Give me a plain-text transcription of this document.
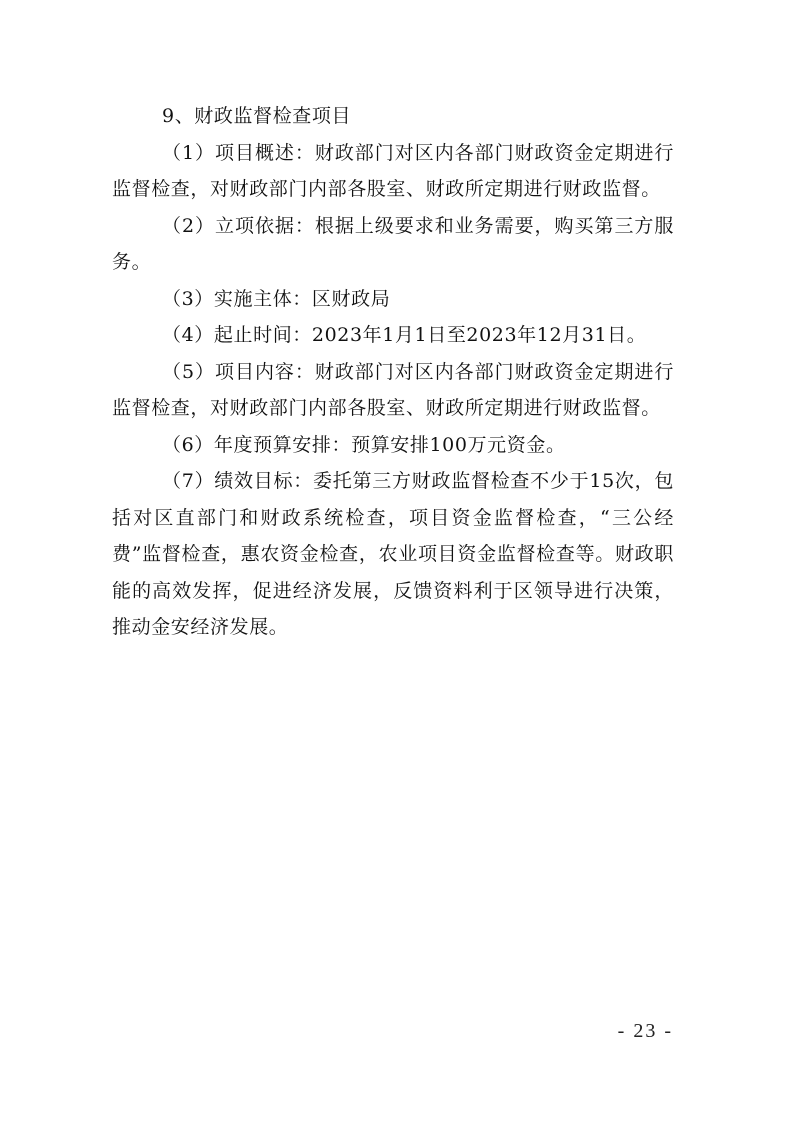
9、财政监督检查项目

（1）项目概述：财政部门对区内各部门财政资金定期进行监督检查，对财政部门内部各股室、财政所定期进行财政监督。

（2）立项依据：根据上级要求和业务需要，购买第三方服务。

（3）实施主体：区财政局

（4）起止时间：2023年1月1日至2023年12月31日。

（5）项目内容：财政部门对区内各部门财政资金定期进行监督检查，对财政部门内部各股室、财政所定期进行财政监督。

（6）年度预算安排：预算安排100万元资金。

（7）绩效目标：委托第三方财政监督检查不少于15次，包括对区直部门和财政系统检查，项目资金监督检查，“三公经费”监督检查，惠农资金检查，农业项目资金监督检查等。财政职能的高效发挥，促进经济发展，反馈资料利于区领导进行决策，推动金安经济发展。

- 23 -
